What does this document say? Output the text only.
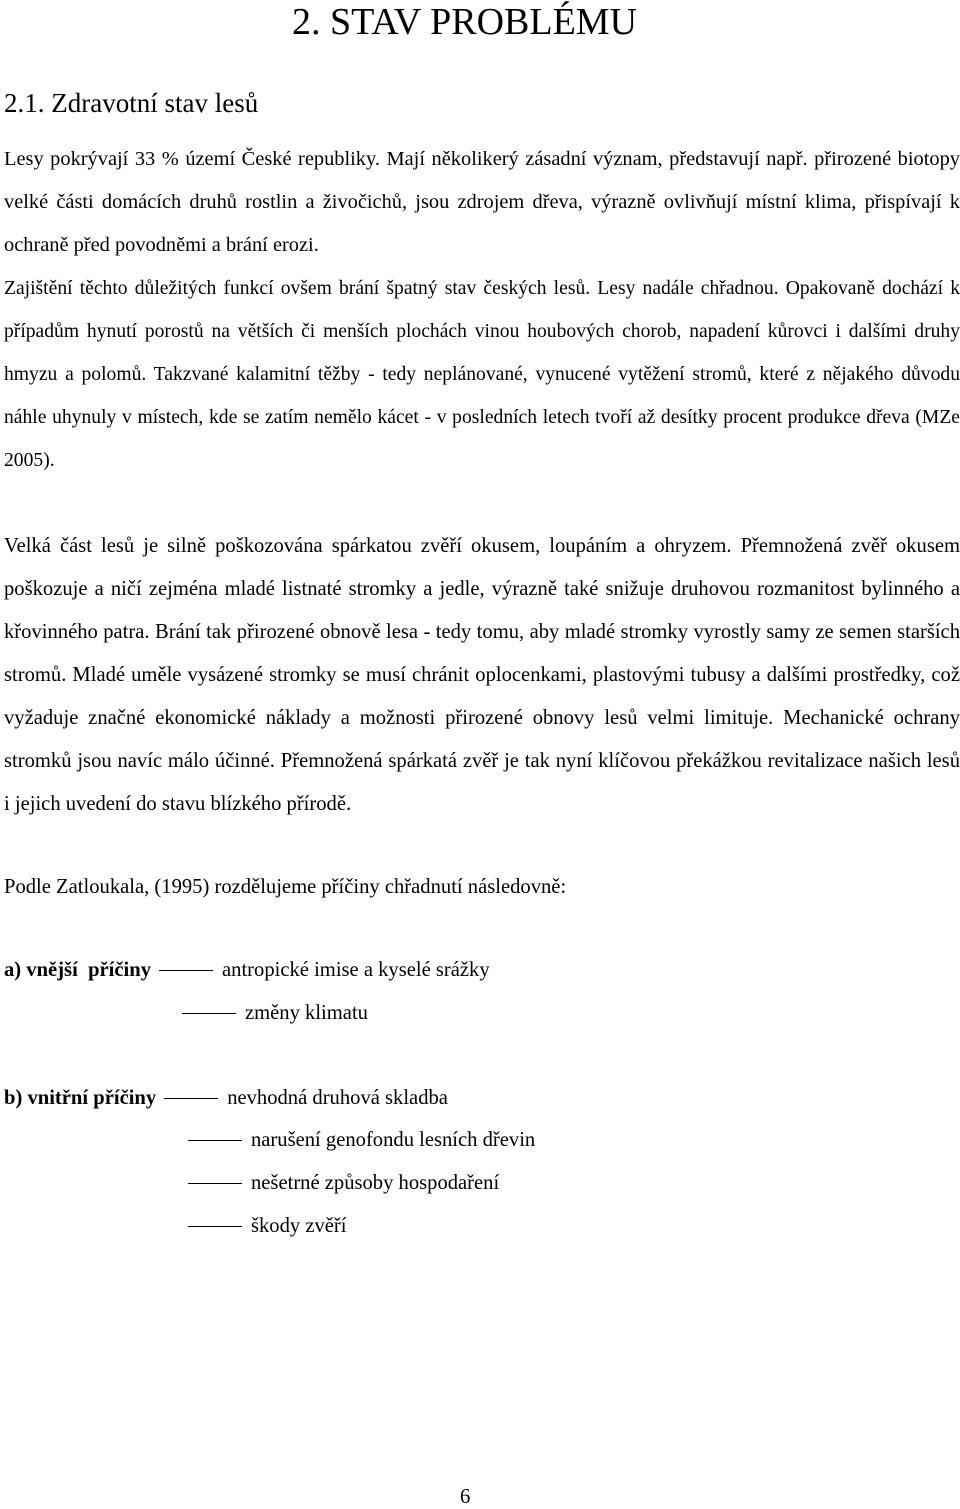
2. STAV PROBLÉMU
2.1. Zdravotní stav lesů

Lesy pokrývají 33 % území České republiky. Mají několikerý zásadní význam, představují např. přirozené biotopy velké části domácích druhů rostlin a živočichů, jsou zdrojem dřeva, výrazně ovlivňují místní klima, přispívají k ochraně před povodněmi a brání erozi.

Zajištění těchto důležitých funkcí ovšem brání špatný stav českých lesů. Lesy nadále chřadnou. Opakovaně dochází k případům hynutí porostů na větších či menších plochách vinou houbových chorob, napadení kůrovci i dalšími druhy hmyzu a polomů. Takzvané kalamitní těžby - tedy neplánované, vynucené vytěžení stromů, které z nějakého důvodu náhle uhynuly v místech, kde se zatím nemělo kácet - v posledních letech tvoří až desítky procent produkce dřeva (MZe 2005).

Velká část lesů je silně poškozována spárkatou zvěří okusem, loupáním a ohryzem. Přemnožená zvěř okusem poškozuje a ničí zejména mladé listnaté stromky a jedle, výrazně také snižuje druhovou rozmanitost bylinného a křovinného patra. Brání tak přirozené obnově lesa - tedy tomu, aby mladé stromky vyrostly samy ze semen starších stromů. Mladé uměle vysázené stromky se musí chránit oplocenkami, plastovými tubusy a dalšími prostředky, což vyžaduje značné ekonomické náklady a možnosti přirozené obnovy lesů velmi limituje. Mechanické ochrany stromků jsou navíc málo účinné. Přemnožená spárkatá zvěř je tak nyní klíčovou překážkou revitalizace našich lesů i jejich uvedení do stavu blízkého přírodě.

Podle Zatloukala, (1995) rozdělujeme příčiny chřadnutí následovně:

a) vnější  příčiny	antropické imise a kyselé srážky
změny klimatu
b) vnitřní příčiny	nevhodná druhová skladba
narušení genofondu lesních dřevin
nešetrné způsoby hospodaření
škody zvěří
6
